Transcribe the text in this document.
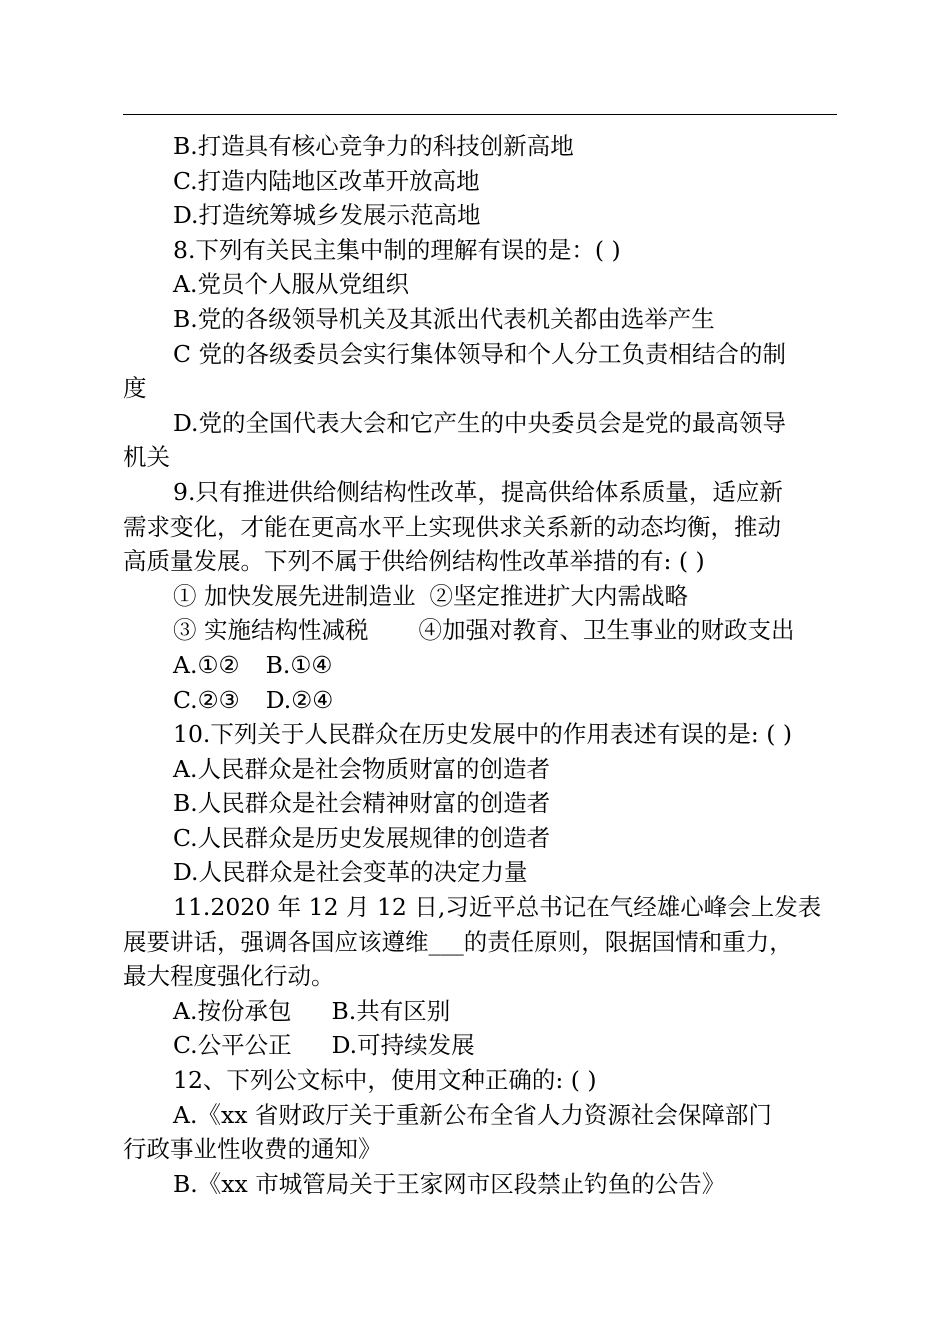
B.打造具有核心竞争力的科技创新高地
C.打造内陆地区改革开放高地
D.打造统筹城乡发展示范高地
8.下列有关民主集中制的理解有误的是：( )
A.党员个人服从党组织
B.党的各级领导机关及其派出代表机关都由选举产生
C 党的各级委员会实行集体领导和个人分工负责相结合的制
度
D.党的全国代表大会和它产生的中央委员会是党的最高领导
机关
9.只有推进供给侧结构性改革，提高供给体系质量，适应新
需求变化，才能在更高水平上实现供求关系新的动态均衡，推动
高质量发展。下列不属于供给例结构性改革举措的有: ( )
① 加快发展先进制造业 ②坚定推进扩大内需战略
③ 实施结构性减税 ④加强对教育、卫生事业的财政支出
A.①② B.①④
C.②③ D.②④
10.下列关于人民群众在历史发展中的作用表述有误的是: ( )
A.人民群众是社会物质财富的创造者
B.人民群众是社会精神财富的创造者
C.人民群众是历史发展规律的创造者
D.人民群众是社会变革的决定力量
11.2020 年 12 月 12 日,习近平总书记在气经雄心峰会上发表
展要讲话，强调各国应该遵维___的责任原则，限据国情和重力，
最大程度强化行动。
A.按份承包 B.共有区别
C.公平公正 D.可持续发展
12、下列公文标中，使用文种正确的: ( )
A.《xx 省财政厅关于重新公布全省人力资源社会保障部门
行政事业性收费的通知》
B.《xx 市城管局关于王家网市区段禁止钓鱼的公告》
